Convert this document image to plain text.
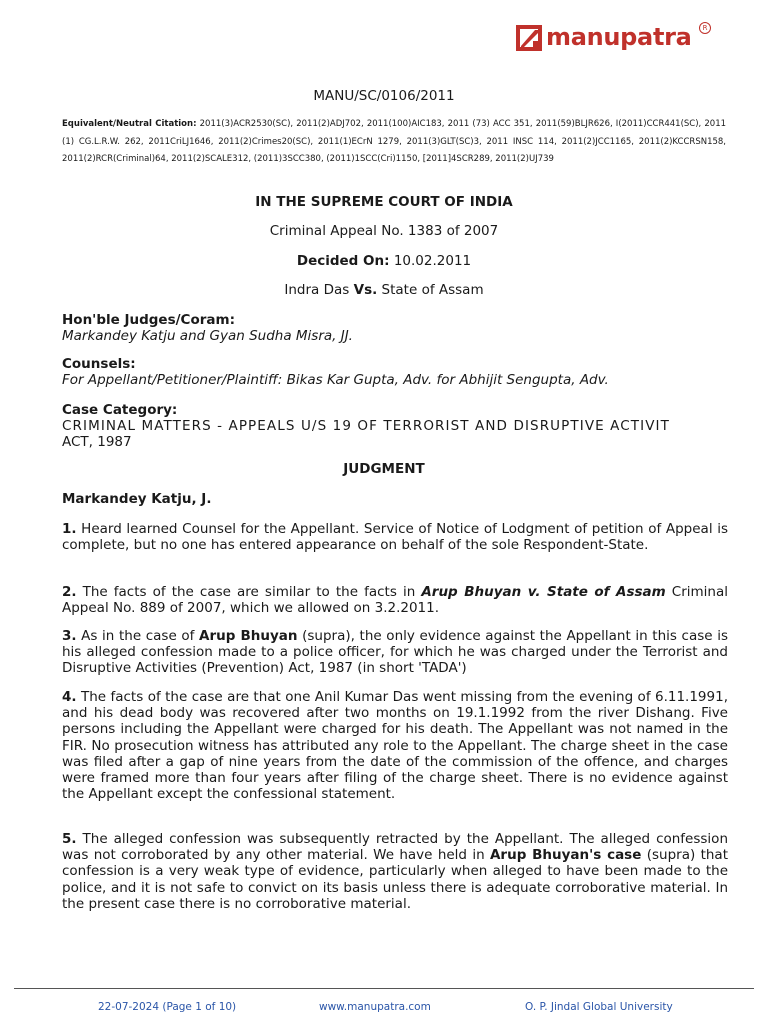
manupatra	R
MANU/SC/0106/2011
Equivalent/Neutral Citation: 2011(3)ACR2530(SC), 2011(2)ADJ702, 2011(100)AIC183, 2011 (73) ACC 351, 2011(59)BLJR626, I(2011)CCR441(SC), 2011 (1) CG.L.R.W. 262, 2011CriLJ1646, 2011(2)Crimes20(SC), 2011(1)ECrN 1279, 2011(3)GLT(SC)3, 2011 INSC 114, 2011(2)JCC1165, 2011(2)KCCRSN158, 2011(2)RCR(Criminal)64, 2011(2)SCALE312, (2011)3SCC380, (2011)1SCC(Cri)1150, [2011]4SCR289, 2011(2)UJ739
IN THE SUPREME COURT OF INDIA
Criminal Appeal No. 1383 of 2007
Decided On: 10.02.2011
Indra Das Vs. State of Assam
Hon'ble Judges/Coram:
Markandey Katju and Gyan Sudha Misra, JJ.
Counsels:
For Appellant/Petitioner/Plaintiff: Bikas Kar Gupta, Adv. for Abhijit Sengupta, Adv.
Case Category:
CRIMINAL MATTERS - APPEALS U/S 19 OF TERRORIST AND DISRUPTIVE ACTIVIT
ACT, 1987
JUDGMENT
Markandey Katju, J.
1. Heard learned Counsel for the Appellant. Service of Notice of Lodgment of petition of Appeal is complete, but no one has entered appearance on behalf of the sole Respondent-State.
2. The facts of the case are similar to the facts in Arup Bhuyan v. State of Assam Criminal Appeal No. 889 of 2007, which we allowed on 3.2.2011.
3. As in the case of Arup Bhuyan (supra), the only evidence against the Appellant in this case is his alleged confession made to a police officer, for which he was charged under the Terrorist and Disruptive Activities (Prevention) Act, 1987 (in short 'TADA')
4. The facts of the case are that one Anil Kumar Das went missing from the evening of 6.11.1991, and his dead body was recovered after two months on 19.1.1992 from the river Dishang. Five persons including the Appellant were charged for his death. The Appellant was not named in the FIR. No prosecution witness has attributed any role to the Appellant. The charge sheet in the case was filed after a gap of nine years from the date of the commission of the offence, and charges were framed more than four years after filing of the charge sheet. There is no evidence against the Appellant except the confessional statement.
5. The alleged confession was subsequently retracted by the Appellant. The alleged confession was not corroborated by any other material. We have held in Arup Bhuyan's case (supra) that confession is a very weak type of evidence, particularly when alleged to have been made to the police, and it is not safe to convict on its basis unless there is adequate corroborative material. In the present case there is no corroborative material.
22-07-2024 (Page 1 of 10)	www.manupatra.com	O. P. Jindal Global University
